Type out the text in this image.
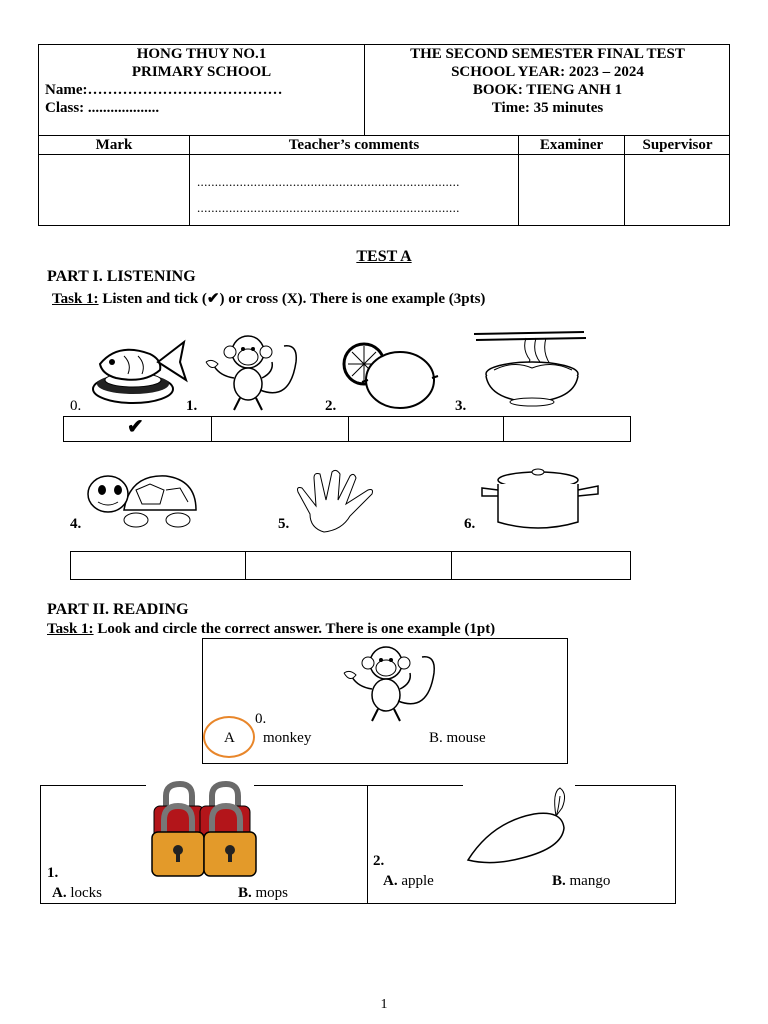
HONG THUY NO.1
PRIMARY SCHOOL
Name:…………………………………
Class: ...................
THE SECOND SEMESTER FINAL TEST
SCHOOL YEAR: 2023 – 2024
BOOK: TIENG ANH 1
Time: 35 minutes
Mark	Teacher’s comments	Examiner	Supervisor
..........................................................................
..........................................................................
TEST A
PART I. LISTENING
Task 1: Listen and tick (✔) or cross (X). There is one example (3pts)
0.	1.	2.	3.
✔
4.	5.	6.
PART II. READING
Task 1: Look and circle the correct answer. There is one example (1pt)
0.
A monkey	B. mouse
1.
A. locks	B. mops
2.
A. apple	B. mango
1
